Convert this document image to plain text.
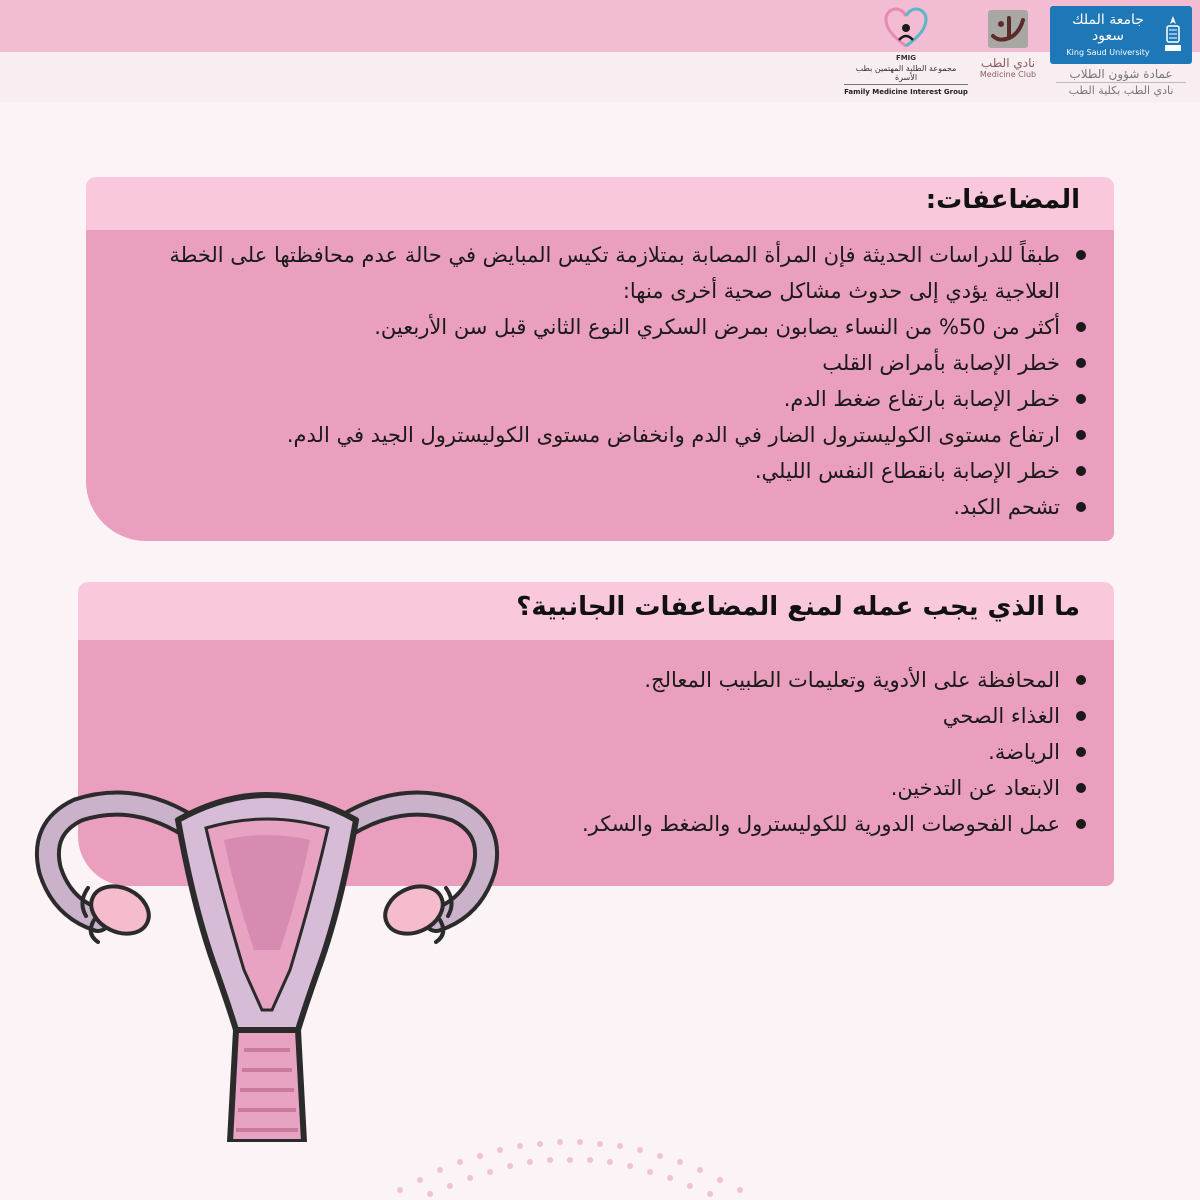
جامعة الملك سعود
King Saud University
عمادة شؤون الطلاب
نادي الطب بكلية الطب
نادي الطب
Medicine Club
FMIG
مجموعة الطلبة المهتمين بطب الأسرة
Family Medicine Interest Group
المضاعفات:
طبقاً للدراسات الحديثة فإن المرأة المصابة بمتلازمة تكيس المبايض في حالة عدم محافظتها على الخطة العلاجية يؤدي إلى حدوث مشاكل صحية أخرى منها:
أكثر من 50% من النساء يصابون بمرض السكري النوع الثاني قبل سن الأربعين.
خطر الإصابة بأمراض القلب
خطر الإصابة بارتفاع ضغط الدم.
ارتفاع مستوى الكوليسترول الضار في الدم وانخفاض مستوى الكوليسترول الجيد في الدم.
خطر الإصابة بانقطاع النفس الليلي.
تشحم الكبد.
ما الذي يجب عمله لمنع المضاعفات الجانبية؟
المحافظة على الأدوية وتعليمات الطبيب المعالج.
الغذاء الصحي
الرياضة.
الابتعاد عن التدخين.
عمل الفحوصات الدورية للكوليسترول والضغط والسكر.
